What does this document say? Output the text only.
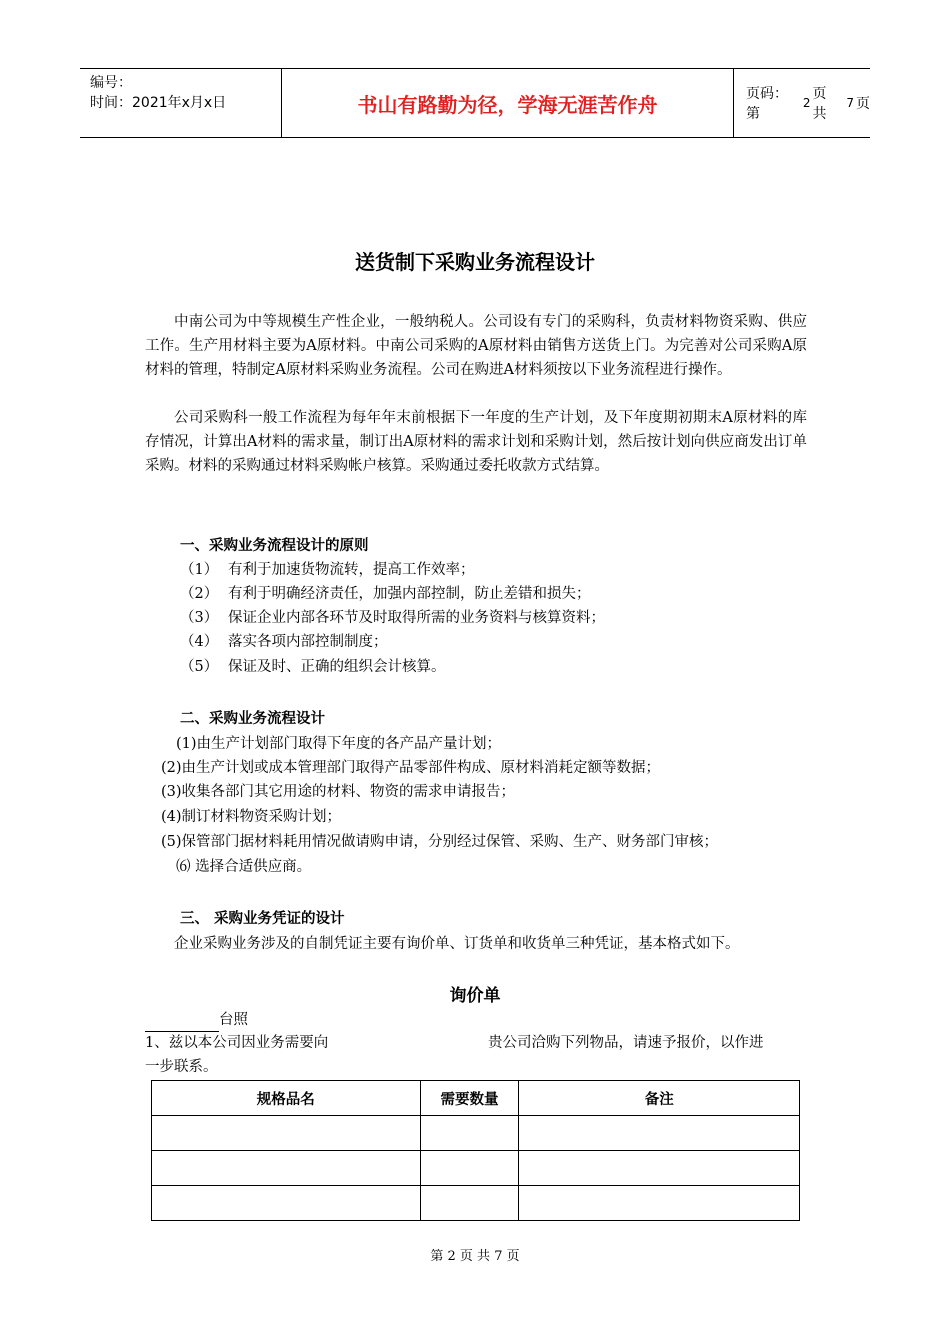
编号：
时间：2021年x月x日	书山有路勤为径，学海无涯苦作舟	页码：第
2
页 共
7 页
送货制下采购业务流程设计

中南公司为中等规模生产性企业，一般纳税人。公司设有专门的采购科，负责材料物资采购、供应工作。生产用材料主要为A原材料。中南公司采购的A原材料由销售方送货上门。为完善对公司采购A原材料的管理，特制定A原材料采购业务流程。公司在购进A材料须按以下业务流程进行操作。

公司采购科一般工作流程为每年年末前根据下一年度的生产计划，及下年度期初期末A原材料的库存情况，计算出A材料的需求量，制订出A原材料的需求计划和采购计划，然后按计划向供应商发出订单采购。材料的采购通过材料采购帐户核算。采购通过委托收款方式结算。

一、采购业务流程设计的原则
（1） 有利于加速货物流转，提高工作效率；
（2） 有利于明确经济责任，加强内部控制，防止差错和损失；
（3） 保证企业内部各环节及时取得所需的业务资料与核算资料；
（4） 落实各项内部控制制度；
（5） 保证及时、正确的组织会计核算。
二、采购业务流程设计
(1)由生产计划部门取得下年度的各产品产量计划；
(2)由生产计划或成本管理部门取得产品零部件构成、原材料消耗定额等数据；
(3)收集各部门其它用途的材料、物资的需求申请报告；
(4)制订材料物资采购计划；
(5)保管部门据材料耗用情况做请购申请，分别经过保管、采购、生产、财务部门审核；
⑹ 选择合适供应商。
三、 采购业务凭证的设计

企业采购业务涉及的自制凭证主要有询价单、订货单和收货单三种凭证，基本格式如下。

询价单
台照
1、兹以本公司因业务需要向	贵公司洽购下列物品，请速予报价，以作进
一步联系。
规格品名	需要数量	备注

第 2 页 共 7 页
